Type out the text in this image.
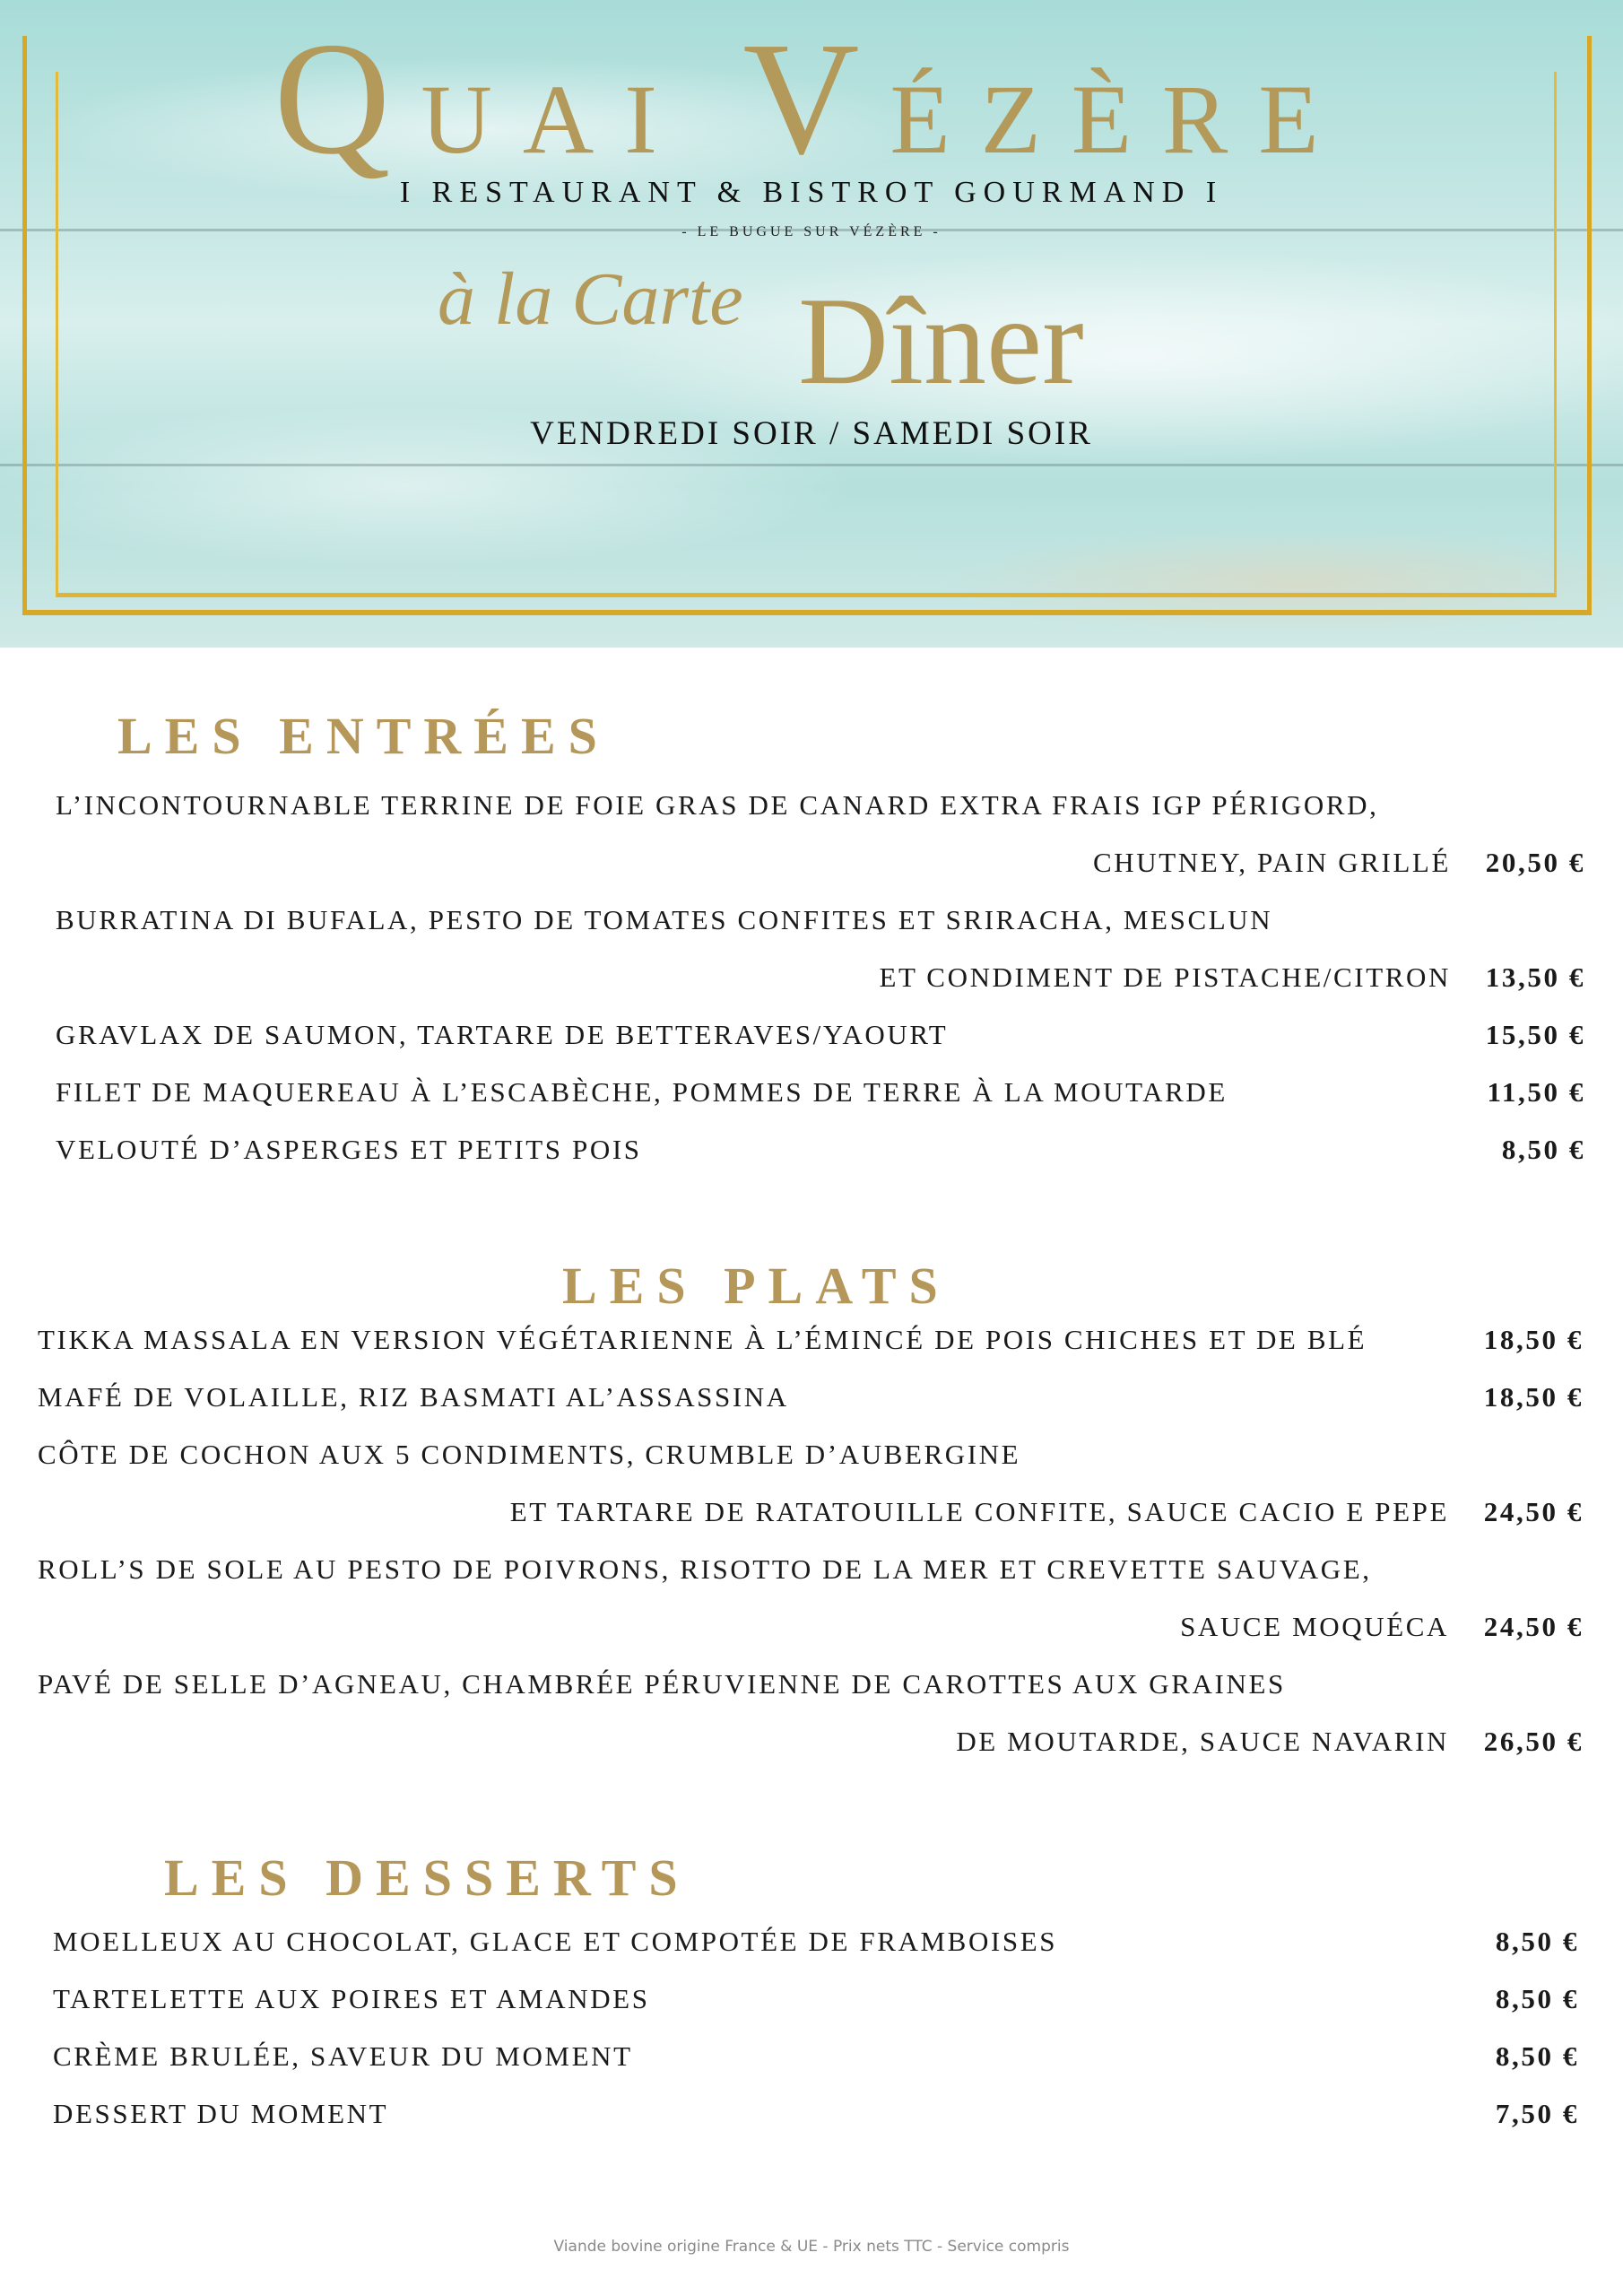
QUAI VÉZÈRE
I RESTAURANT & BISTROT GOURMAND I
- LE BUGUE SUR VÉZÈRE -
à la Carte Dîner
VENDREDI SOIR / SAMEDI SOIR
LES ENTRÉES
L’INCONTOURNABLE TERRINE DE FOIE GRAS DE CANARD EXTRA FRAIS IGP PÉRIGORD,
CHUTNEY, PAIN GRILLÉ	20,50 €
BURRATINA DI BUFALA, PESTO DE TOMATES CONFITES ET SRIRACHA, MESCLUN
ET CONDIMENT DE PISTACHE/CITRON	13,50 €
GRAVLAX DE SAUMON, TARTARE DE BETTERAVES/YAOURT	15,50 €
FILET DE MAQUEREAU À L’ESCABÈCHE, POMMES DE TERRE À LA MOUTARDE	11,50 €
VELOUTÉ D’ASPERGES ET PETITS POIS	8,50 €
LES PLATS
TIKKA MASSALA EN VERSION VÉGÉTARIENNE À L’ÉMINCÉ DE POIS CHICHES ET DE BLÉ	18,50 €
MAFÉ DE VOLAILLE, RIZ BASMATI AL’ASSASSINA	18,50 €
CÔTE DE COCHON AUX 5 CONDIMENTS, CRUMBLE D’AUBERGINE
ET TARTARE DE RATATOUILLE CONFITE, SAUCE CACIO E PEPE	24,50 €
ROLL’S DE SOLE AU PESTO DE POIVRONS, RISOTTO DE LA MER ET CREVETTE SAUVAGE,
SAUCE MOQUÉCA	24,50 €
PAVÉ DE SELLE D’AGNEAU, CHAMBRÉE PÉRUVIENNE DE CAROTTES AUX GRAINES
DE MOUTARDE, SAUCE NAVARIN	26,50 €
LES DESSERTS
MOELLEUX AU CHOCOLAT, GLACE ET COMPOTÉE DE FRAMBOISES	8,50 €
TARTELETTE AUX POIRES ET AMANDES	8,50 €
CRÈME BRULÉE, SAVEUR DU MOMENT	8,50 €
DESSERT DU MOMENT	7,50 €
Viande bovine origine France & UE - Prix nets TTC - Service compris
